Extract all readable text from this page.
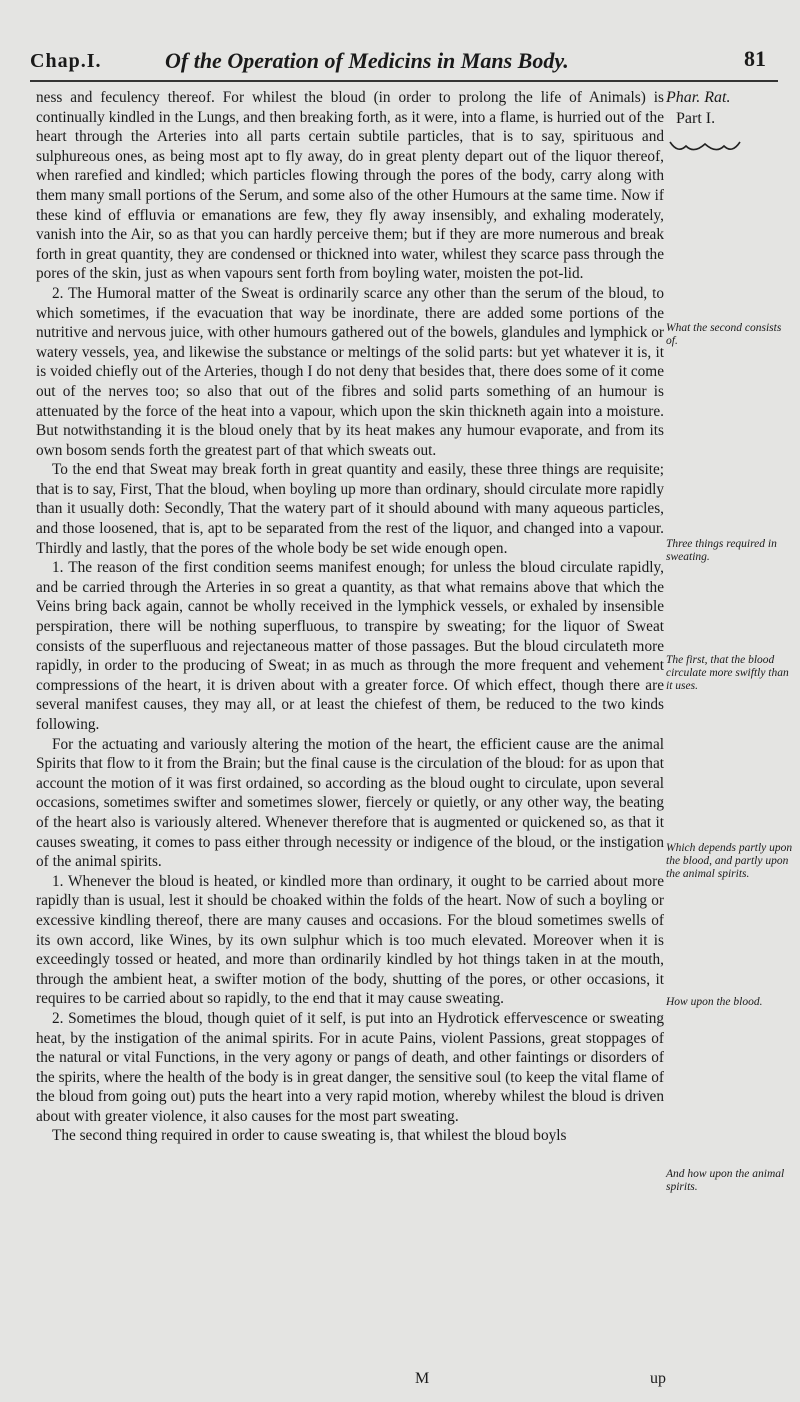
Chap.I.	Of the Operation of Medicins in Mans Body.	81
Phar. Rat.
Part I.

ness and feculency thereof. For whilest the bloud (in order to prolong the life of Animals) is continually kindled in the Lungs, and then breaking forth, as it were, into a flame, is hurried out of the heart through the Arteries into all parts certain subtile particles, that is to say, spirituous and sulphureous ones, as being most apt to fly away, do in great plenty depart out of the liquor thereof, when rarefied and kindled; which particles flowing through the pores of the body, carry along with them many small portions of the Serum, and some also of the other Humours at the same time. Now if these kind of effluvia or emanations are few, they fly away insensibly, and exhaling moderately, vanish into the Air, so as that you can hardly perceive them; but if they are more numerous and break forth in great quantity, they are condensed or thickned into water, whilest they scarce pass through the pores of the skin, just as when vapours sent forth from boyling water, moisten the pot-lid.

2. The Humoral matter of the Sweat is ordinarily scarce any other than the serum of the bloud, to which sometimes, if the evacuation that way be inordinate, there are added some portions of the nutritive and nervous juice, with other humours gathered out of the bowels, glandules and lymphick or watery vessels, yea, and likewise the substance or meltings of the solid parts: but yet whatever it is, it is voided chiefly out of the Arteries, though I do not deny that besides that, there does some of it come out of the nerves too; so also that out of the fibres and solid parts something of an humour is attenuated by the force of the heat into a vapour, which upon the skin thickneth again into a moisture. But notwithstanding it is the bloud onely that by its heat makes any humour evaporate, and from its own bosom sends forth the greatest part of that which sweats out.

To the end that Sweat may break forth in great quantity and easily, these three things are requisite; that is to say, First, That the bloud, when boyling up more than ordinary, should circulate more rapidly than it usually doth: Secondly, That the watery part of it should abound with many aqueous particles, and those loosened, that is, apt to be separated from the rest of the liquor, and changed into a vapour. Thirdly and lastly, that the pores of the whole body be set wide enough open.

1. The reason of the first condition seems manifest enough; for unless the bloud circulate rapidly, and be carried through the Arteries in so great a quantity, as that what remains above that which the Veins bring back again, cannot be wholly received in the lymphick vessels, or exhaled by insensible perspiration, there will be nothing superfluous, to transpire by sweating; for the liquor of Sweat consists of the superfluous and rejectaneous matter of those passages. But the bloud circulateth more rapidly, in order to the producing of Sweat; in as much as through the more frequent and vehement compressions of the heart, it is driven about with a greater force. Of which effect, though there are several manifest causes, they may all, or at least the chiefest of them, be reduced to the two kinds following.

For the actuating and variously altering the motion of the heart, the efficient cause are the animal Spirits that flow to it from the Brain; but the final cause is the circulation of the bloud: for as upon that account the motion of it was first ordained, so according as the bloud ought to circulate, upon several occasions, sometimes swifter and sometimes slower, fiercely or quietly, or any other way, the beating of the heart also is variously altered. Whenever therefore that is augmented or quickened so, as that it causes sweating, it comes to pass either through necessity or indigence of the bloud, or the instigation of the animal spirits.

1. Whenever the bloud is heated, or kindled more than ordinary, it ought to be carried about more rapidly than is usual, lest it should be choaked within the folds of the heart. Now of such a boyling or excessive kindling thereof, there are many causes and occasions. For the bloud sometimes swells of its own accord, like Wines, by its own sulphur which is too much elevated. Moreover when it is exceedingly tossed or heated, and more than ordinarily kindled by hot things taken in at the mouth, through the ambient heat, a swifter motion of the body, shutting of the pores, or other occasions, it requires to be carried about so rapidly, to the end that it may cause sweating.

2. Sometimes the bloud, though quiet of it self, is put into an Hydrotick effervescence or sweating heat, by the instigation of the animal spirits. For in acute Pains, violent Passions, great stoppages of the natural or vital Functions, in the very agony or pangs of death, and other faintings or disorders of the spirits, where the health of the body is in great danger, the sensitive soul (to keep the vital flame of the bloud from going out) puts the heart into a very rapid motion, whereby whilest the bloud is driven about with greater violence, it also causes for the most part sweating.

The second thing required in order to cause sweating is, that whilest the bloud boyls

What the second consists of.
Three things required in sweating.
The first, that the blood circulate more swiftly than it uses.
Which depends partly upon the blood, and partly upon the animal spirits.
How upon the blood.
And how upon the animal spirits.
M	up
